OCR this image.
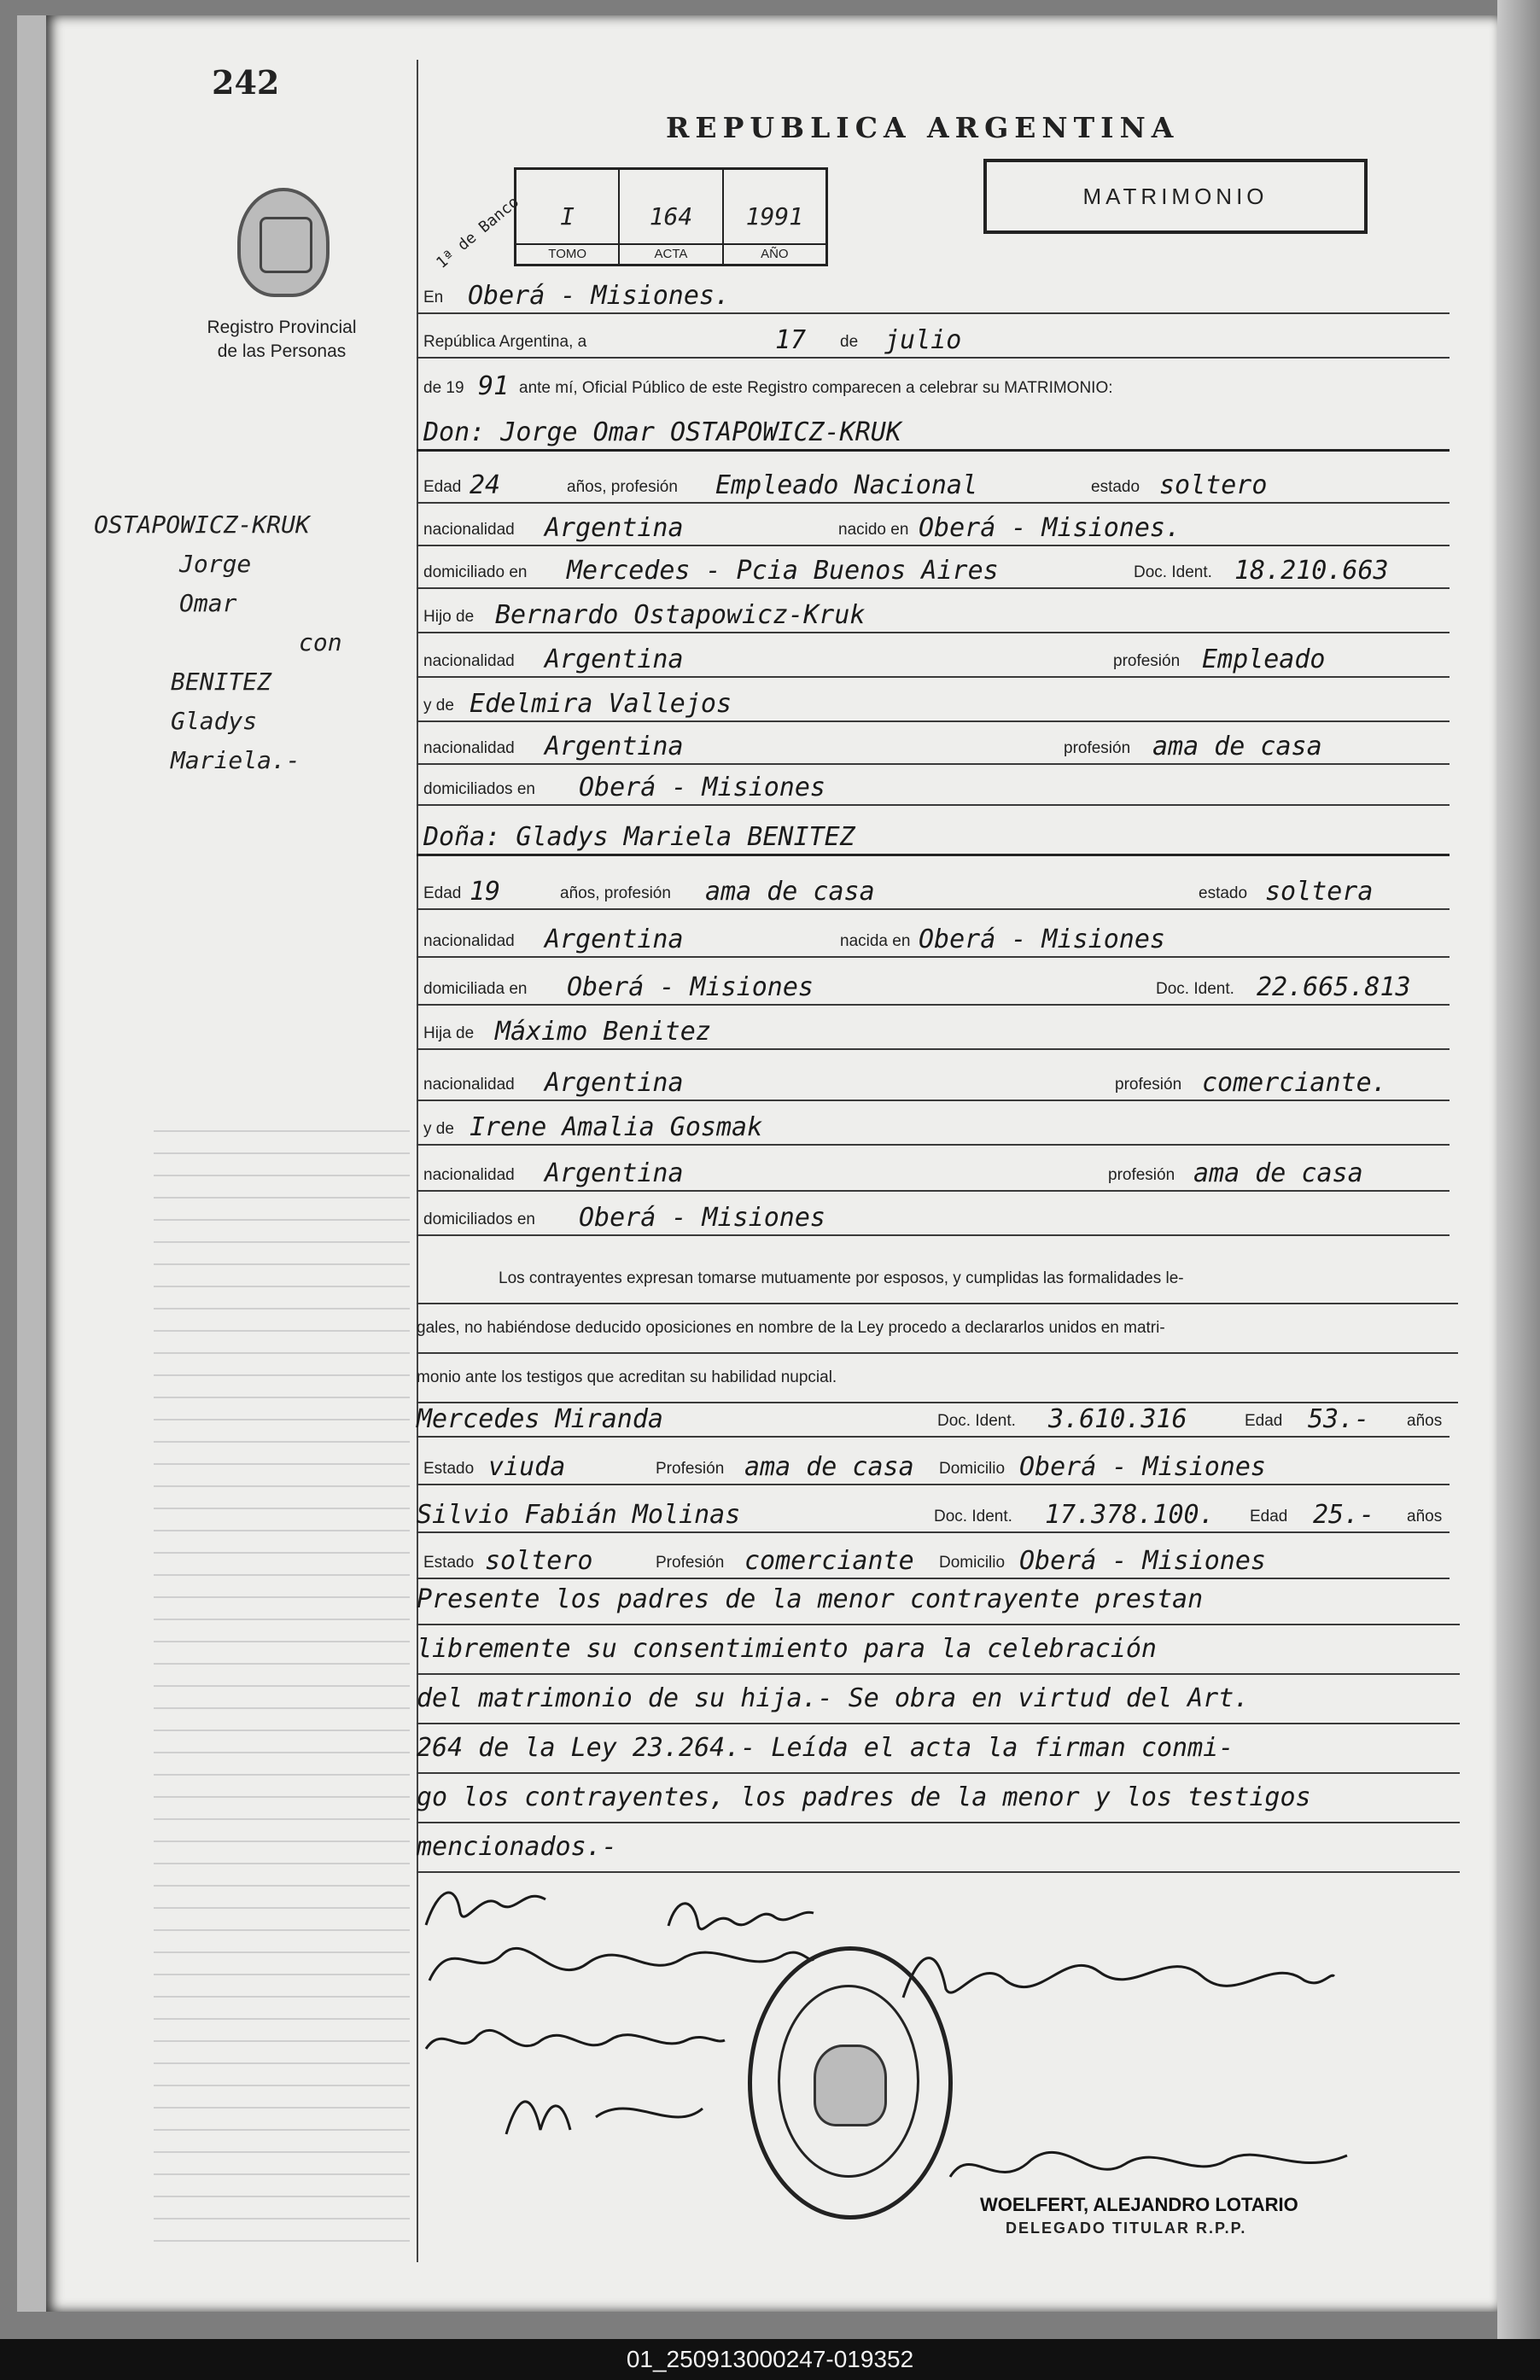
242
Registro Provincial
de las Personas
OSTAPOWICZ-KRUK
Jorge
Omar
con
BENITEZ
Gladys
Mariela.-
REPUBLICA ARGENTINA
MATRIMONIO
1ª de Banco	I
TOMO
164
ACTA
1991
AÑO
En Oberá - Misiones.
República Argentina, a	17 de julio
de 19 91 ante mí, Oficial Público de este Registro comparecen a celebrar su MATRIMONIO:
Don: Jorge Omar OSTAPOWICZ-KRUK
Edad 24	años, profesión Empleado Nacional	estado soltero
nacionalidad Argentina	nacido en Oberá - Misiones.
domiciliado en Mercedes - Pcia Buenos Aires	Doc. Ident. 18.210.663
Hijo de Bernardo Ostapowicz-Kruk
nacionalidad Argentina	profesión Empleado
y de Edelmira Vallejos
nacionalidad Argentina	profesión ama de casa
domiciliados en Oberá - Misiones
Doña: Gladys Mariela BENITEZ
Edad 19	años, profesión ama de casa	estado soltera
nacionalidad Argentina	nacida en Oberá - Misiones
domiciliada en Oberá - Misiones	Doc. Ident. 22.665.813
Hija de Máximo Benitez
nacionalidad Argentina	profesión comerciante.
y de Irene Amalia Gosmak
nacionalidad Argentina	profesión ama de casa
domiciliados en Oberá - Misiones
Los contrayentes expresan tomarse mutuamente por esposos, y cumplidas las formalidades le-
gales, no habiéndose deducido oposiciones en nombre de la Ley procedo a declararlos unidos en matri-
monio ante los testigos que acreditan su habilidad nupcial.
Mercedes Miranda	Doc. Ident. 3.610.316	Edad 53.- años
Estado viuda	Profesión ama de casa Domicilio Oberá - Misiones
Silvio Fabián Molinas	Doc. Ident. 17.378.100. Edad 25.- años
Estado soltero	Profesión comerciante Domicilio Oberá - Misiones
Presente los padres de la menor contrayente prestan
libremente su consentimiento para la celebración
del matrimonio de su hija.- Se obra en virtud del Art.
264 de la Ley 23.264.- Leída el acta la firman conmi-
go los contrayentes, los padres de la menor y los testigos
mencionados.-
WOELFERT, ALEJANDRO LOTARIO
DELEGADO TITULAR R.P.P.
01_250913000247-019352
